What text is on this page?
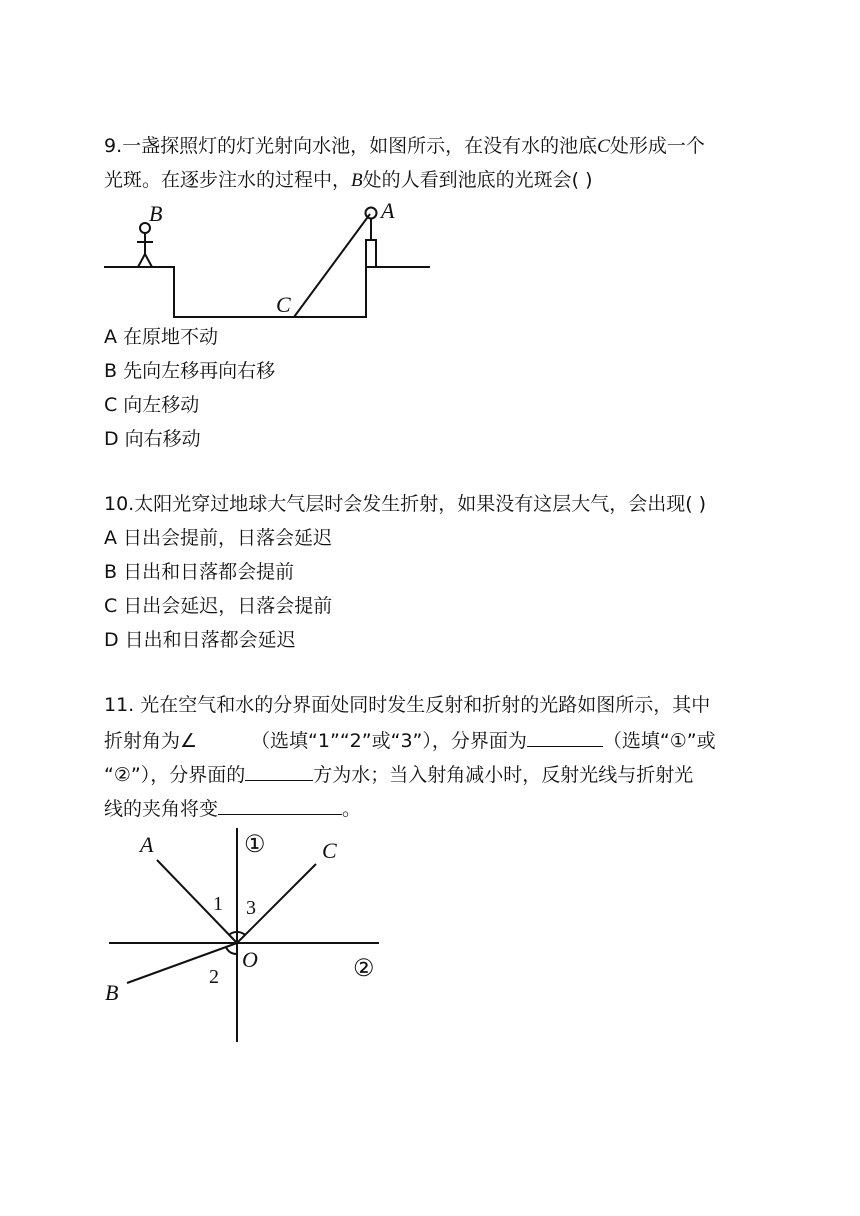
9.一盏探照灯的灯光射向水池，如图所示，在没有水的池底C处形成一个
光斑。在逐步注水的过程中，B处的人看到池底的光斑会( )
B	A
C
A 在原地不动
B 先向左移再向右移
C 向左移动
D 向右移动
10.太阳光穿过地球大气层时会发生折射，如果没有这层大气，会出现( )
A 日出会提前，日落会延迟
B 日出和日落都会提前
C 日出会延迟，日落会提前
D 日出和日落都会延迟
11. 光在空气和水的分界面处同时发生反射和折射的光路如图所示，其中
折射角为∠	（选填“1”“2”或“3”），分界面为	（选填“①”或
“②”），分界面的	方为水；当入射角减小时，反射光线与折射光
线的夹角将变	。
A	C
B
O
1 3
2
①
②
